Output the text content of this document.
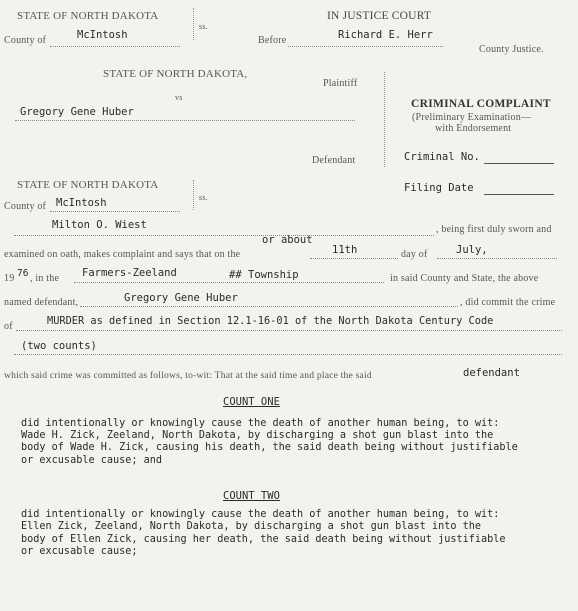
STATE OF NORTH DAKOTA
County of	McIntosh
ss.
IN JUSTICE COURT
Before	Richard E. Herr
County Justice.
STATE OF NORTH DAKOTA,
Plaintiff
vs
Gregory Gene Huber
Defendant
CRIMINAL COMPLAINT
(Preliminary Examination—
with Endorsement
Criminal No.
Filing Date
STATE OF NORTH DAKOTA
County of McIntosh	ss.
Milton O. Wiest	, being first duly sworn and
examined on oath, makes complaint and says that on the
or about
11th	day of	July,
19 76 , in the Farmers-Zeeland	## Township	in said County and State, the above
named defendant,	Gregory Gene Huber	, did commit the crime
of	MURDER as defined in Section 12.1-16-01 of the North Dakota Century Code
(two counts)
which said crime was committed as follows, to-wit: That at the said time and place the said	defendant
COUNT ONE
did intentionally or knowingly cause the death of another human being, to wit:
Wade H. Zick, Zeeland, North Dakota, by discharging a shot gun blast into the
body of Wade H. Zick, causing his death, the said death being without justifiable
or excusable cause; and
COUNT TWO
did intentionally or knowingly cause the death of another human being, to wit:
Ellen Zick, Zeeland, North Dakota, by discharging a shot gun blast into the
body of Ellen Zick, causing her death, the said death being without justifiable
or excusable cause;
